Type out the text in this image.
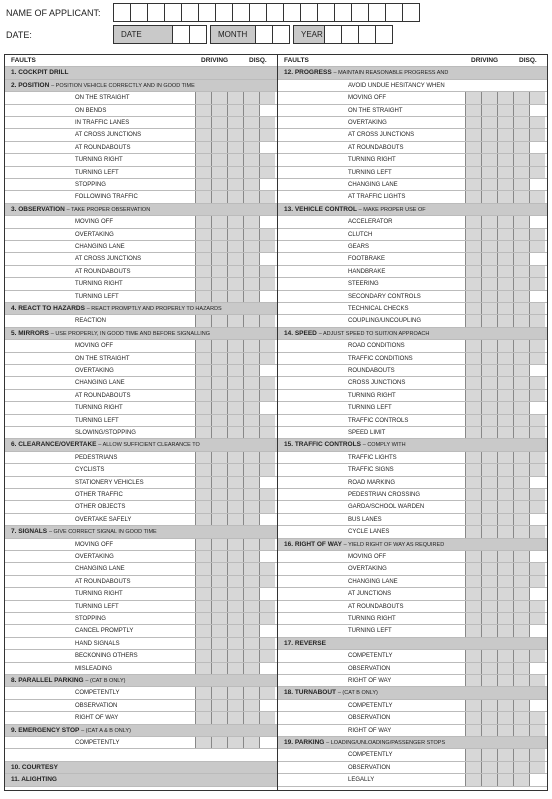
NAME OF APPLICANT:
DATE:	DATE	MONTH	YEAR
FAULTS	DRIVING	DISQ.
1. COCKPIT DRILL
2. POSITION – POSITION VEHICLE CORRECTLY AND IN GOOD TIME
ON THE STRAIGHT
ON BENDS
IN TRAFFIC LANES
AT CROSS JUNCTIONS
AT ROUNDABOUTS
TURNING RIGHT
TURNING LEFT
STOPPING
FOLLOWING TRAFFIC
3. OBSERVATION – TAKE PROPER OBSERVATION
MOVING OFF
OVERTAKING
CHANGING LANE
AT CROSS JUNCTIONS
AT ROUNDABOUTS
TURNING RIGHT
TURNING LEFT
4. REACT TO HAZARDS – REACT PROMPTLY AND PROPERLY TO HAZARDS
REACTION
5. MIRRORS – USE PROPERLY, IN GOOD TIME AND BEFORE SIGNALLING
MOVING OFF
ON THE STRAIGHT
OVERTAKING
CHANGING LANE
AT ROUNDABOUTS
TURNING RIGHT
TURNING LEFT
SLOWING/STOPPING
6. CLEARANCE/OVERTAKE – ALLOW SUFFICIENT CLEARANCE TO
PEDESTRIANS
CYCLISTS
STATIONERY VEHICLES
OTHER TRAFFIC
OTHER OBJECTS
OVERTAKE SAFELY
7. SIGNALS – GIVE CORRECT SIGNAL IN GOOD TIME
MOVING OFF
OVERTAKING
CHANGING LANE
AT ROUNDABOUTS
TURNING RIGHT
TURNING LEFT
STOPPING
CANCEL PROMPTLY
HAND SIGNALS
BECKONING OTHERS
MISLEADING
8. PARALLEL PARKING – (CAT B ONLY)
COMPETENTLY
OBSERVATION
RIGHT OF WAY
9. EMERGENCY STOP – (CAT A & B ONLY)
COMPETENTLY
10. COURTESY
11. ALIGHTING
FAULTS	DRIVING	DISQ.
12. PROGRESS – MAINTAIN REASONABLE PROGRESS AND
AVOID UNDUE HESITANCY WHEN
MOVING OFF
ON THE STRAIGHT
OVERTAKING
AT CROSS JUNCTIONS
AT ROUNDABOUTS
TURNING RIGHT
TURNING LEFT
CHANGING LANE
AT TRAFFIC LIGHTS
13. VEHICLE CONTROL – MAKE PROPER USE OF
ACCELERATOR
CLUTCH
GEARS
FOOTBRAKE
HANDBRAKE
STEERING
SECONDARY CONTROLS
TECHNICAL CHECKS
COUPLING/UNCOUPLING
14. SPEED – ADJUST SPEED TO SUIT/ON APPROACH
ROAD CONDITIONS
TRAFFIC CONDITIONS
ROUNDABOUTS
CROSS JUNCTIONS
TURNING RIGHT
TURNING LEFT
TRAFFIC CONTROLS
SPEED LIMIT
15. TRAFFIC CONTROLS – COMPLY WITH
TRAFFIC LIGHTS
TRAFFIC SIGNS
ROAD MARKING
PEDESTRIAN CROSSING
GARDA/SCHOOL WARDEN
BUS LANES
CYCLE LANES
16. RIGHT OF WAY – YIELD RIGHT OF WAY AS REQUIRED
MOVING OFF
OVERTAKING
CHANGING LANE
AT JUNCTIONS
AT ROUNDABOUTS
TURNING RIGHT
TURNING LEFT
17. REVERSE
COMPETENTLY
OBSERVATION
RIGHT OF WAY
18. TURNABOUT – (CAT B ONLY)
COMPETENTLY
OBSERVATION
RIGHT OF WAY
19. PARKING – LOADING/UNLOADING/PASSENGER STOPS
COMPETENTLY
OBSERVATION
LEGALLY
